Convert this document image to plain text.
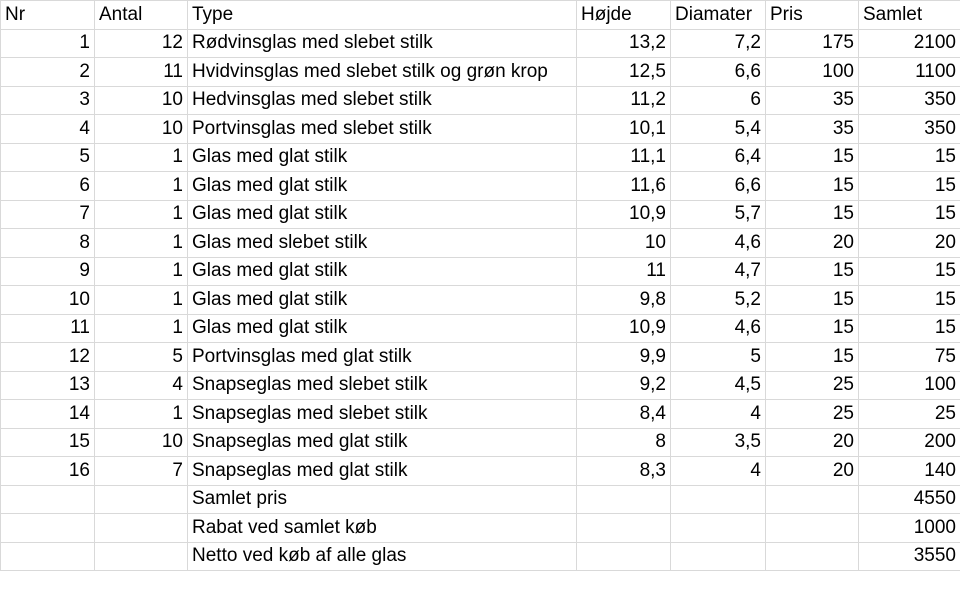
Nr	Antal	Type	Højde	Diamater	Pris	Samlet
1	12	Rødvinsglas med slebet stilk	13,2	7,2	175	2100
2	11	Hvidvinsglas med slebet stilk og grøn krop	12,5	6,6	100	1100
3	10	Hedvinsglas med slebet stilk	11,2	6	35	350
4	10	Portvinsglas med slebet stilk	10,1	5,4	35	350
5	1	Glas med glat stilk	11,1	6,4	15	15
6	1	Glas med glat stilk	11,6	6,6	15	15
7	1	Glas med glat stilk	10,9	5,7	15	15
8	1	Glas med slebet stilk	10	4,6	20	20
9	1	Glas med glat stilk	11	4,7	15	15
10	1	Glas med glat stilk	9,8	5,2	15	15
11	1	Glas med glat stilk	10,9	4,6	15	15
12	5	Portvinsglas med glat stilk	9,9	5	15	75
13	4	Snapseglas med slebet stilk	9,2	4,5	25	100
14	1	Snapseglas med slebet stilk	8,4	4	25	25
15	10	Snapseglas med glat stilk	8	3,5	20	200
16	7	Snapseglas med glat stilk	8,3	4	20	140
		Samlet pris				4550
		Rabat ved samlet køb				1000
		Netto ved køb af alle glas				3550
